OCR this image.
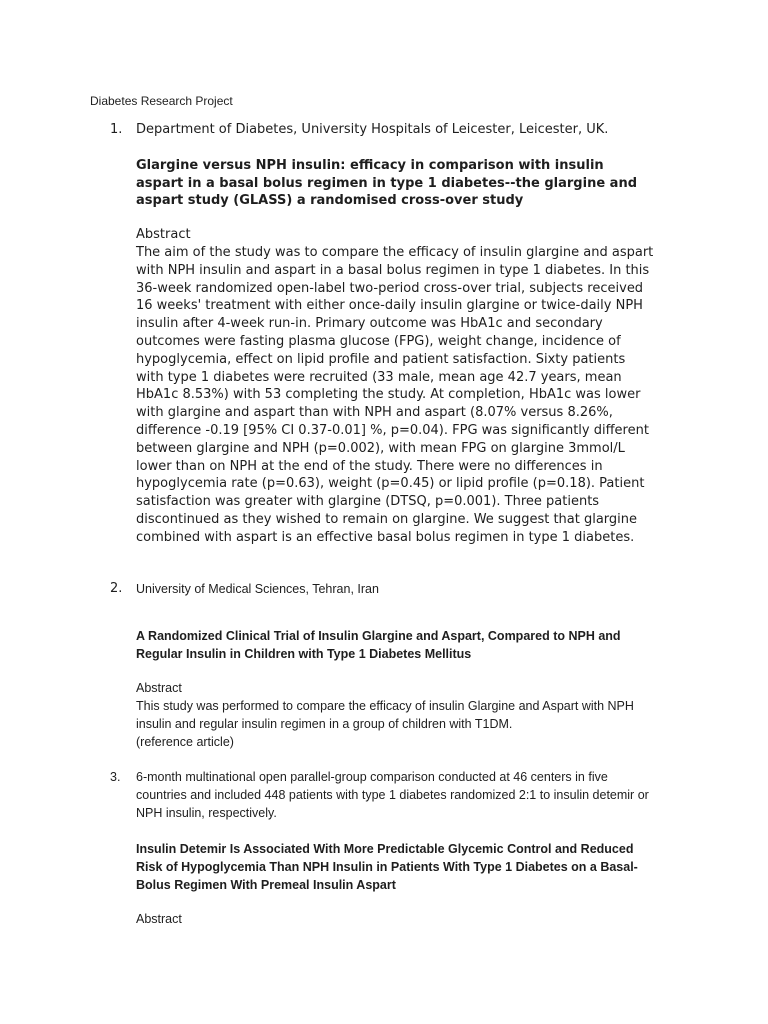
Diabetes Research Project
1. Department of Diabetes, University Hospitals of Leicester, Leicester, UK.

Glargine versus NPH insulin: efficacy in comparison with insulin aspart in a basal bolus regimen in type 1 diabetes--the glargine and aspart study (GLASS) a randomised cross-over study

Abstract

The aim of the study was to compare the efficacy of insulin glargine and aspart with NPH insulin and aspart in a basal bolus regimen in type 1 diabetes. In this 36-week randomized open-label two-period cross-over trial, subjects received 16 weeks' treatment with either once-daily insulin glargine or twice-daily NPH insulin after 4-week run-in. Primary outcome was HbA1c and secondary outcomes were fasting plasma glucose (FPG), weight change, incidence of hypoglycemia, effect on lipid profile and patient satisfaction. Sixty patients with type 1 diabetes were recruited (33 male, mean age 42.7 years, mean HbA1c 8.53%) with 53 completing the study. At completion, HbA1c was lower with glargine and aspart than with NPH and aspart (8.07% versus 8.26%, difference -0.19 [95% CI 0.37-0.01] %, p=0.04). FPG was significantly different between glargine and NPH (p=0.002), with mean FPG on glargine 3mmol/L lower than on NPH at the end of the study. There were no differences in hypoglycemia rate (p=0.63), weight (p=0.45) or lipid profile (p=0.18). Patient satisfaction was greater with glargine (DTSQ, p=0.001). Three patients discontinued as they wished to remain on glargine. We suggest that glargine combined with aspart is an effective basal bolus regimen in type 1 diabetes.

2. University of Medical Sciences, Tehran, Iran

A Randomized Clinical Trial of Insulin Glargine and Aspart, Compared to NPH and Regular Insulin in Children with Type 1 Diabetes Mellitus

Abstract

This study was performed to compare the efficacy of insulin Glargine and Aspart with NPH insulin and regular insulin regimen in a group of children with T1DM.

(reference article)

3. 6-month multinational open parallel-group comparison conducted at 46 centers in five countries and included 448 patients with type 1 diabetes randomized 2:1 to insulin detemir or NPH insulin, respectively.

Insulin Detemir Is Associated With More Predictable Glycemic Control and Reduced Risk of Hypoglycemia Than NPH Insulin in Patients With Type 1 Diabetes on a Basal-Bolus Regimen With Premeal Insulin Aspart

Abstract
